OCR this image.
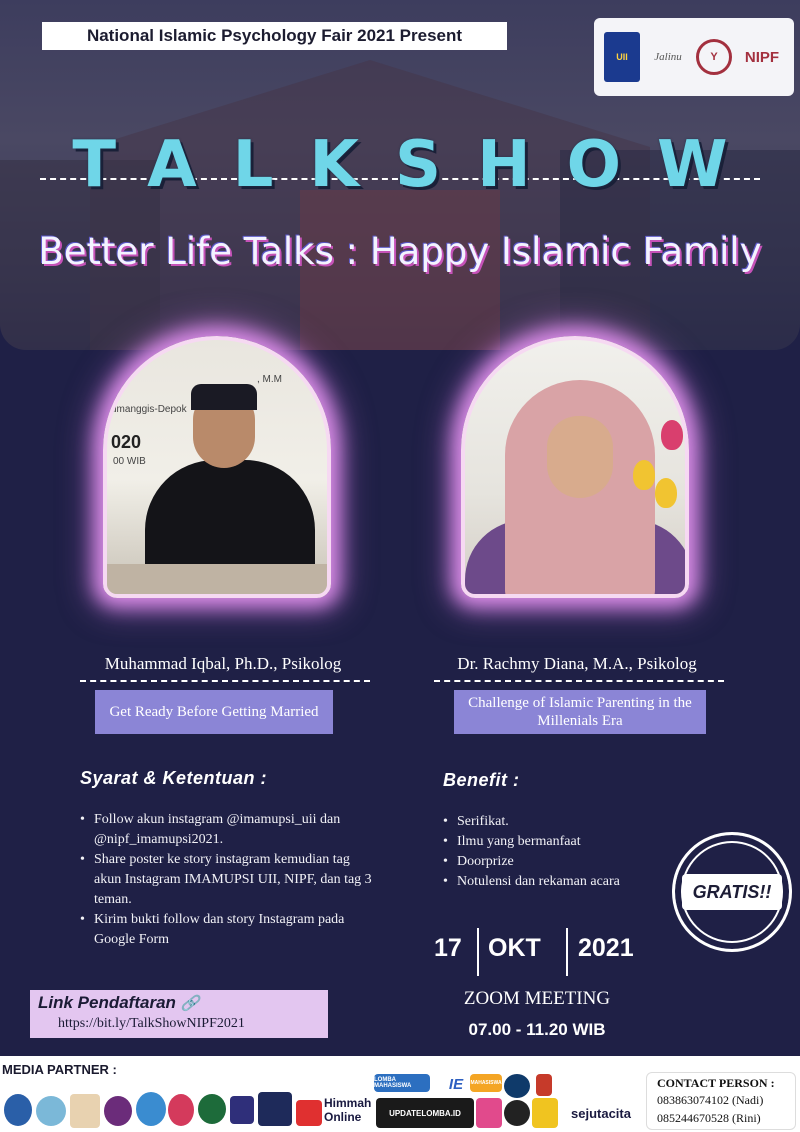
National Islamic Psychology Fair 2021 Present
UII	Jalinu	Y	NIPF
TALKSHOW
Better Life Talks : Happy Islamic Family
, M.M
umanggis-Depok
020
00 WIB
Muhammad Iqbal, Ph.D., Psikolog
Get Ready Before Getting Married
Dr. Rachmy Diana, M.A., Psikolog
Challenge of Islamic Parenting in the Millenials Era
Syarat & Ketentuan :
• Follow akun instagram @imamupsi_uii dan @nipf_imamupsi2021.
• Share poster ke story instagram kemudian tag akun Instagram IMAMUPSI UII, NIPF, dan tag 3 teman.
• Kirim bukti follow dan story Instagram pada Google Form
Benefit :
• Serifikat.
• Ilmu yang bermanfaat
• Doorprize
• Notulensi dan rekaman acara	GRATIS!!
17 OKT 2021
ZOOM MEETING
07.00 - 11.20 WIB
Link Pendaftaran 🔗
https://bit.ly/TalkShowNIPF2021
MEDIA PARTNER :
Himmah Online
LOMBA MAHASISWA	IE	MAHASISWA
UPDATELOMBA.ID	sejutacita
CONTACT PERSON :
083863074102 (Nadi)
085244670528 (Rini)
